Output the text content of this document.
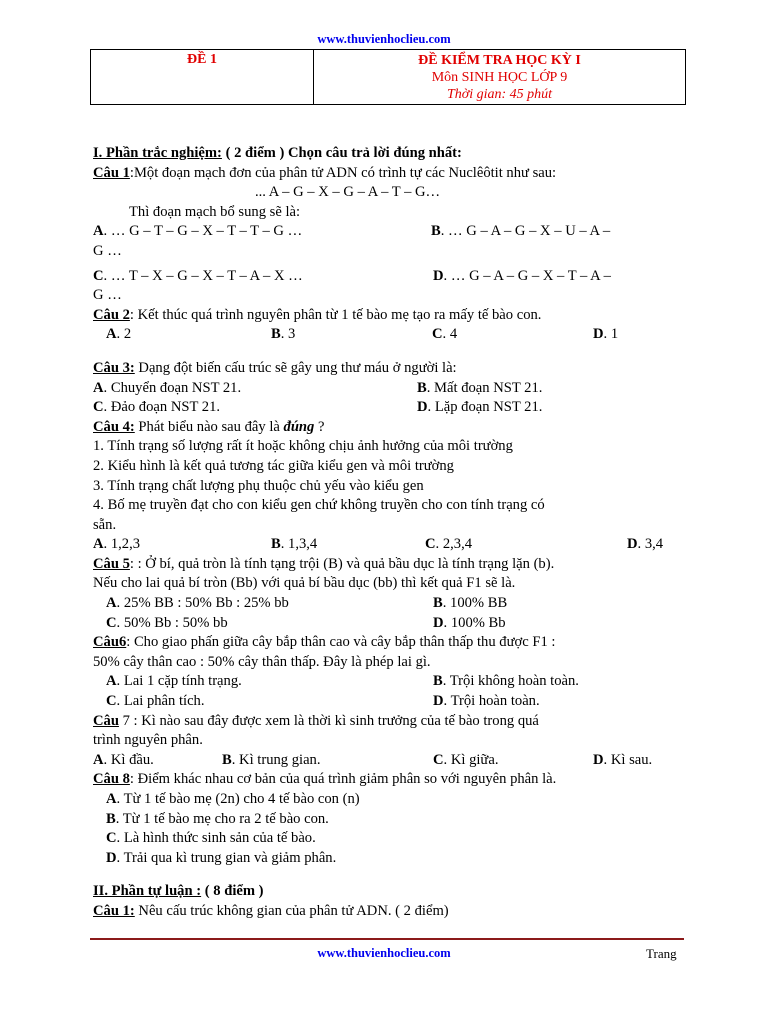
www.thuvienhoclieu.com
ĐỀ 1	ĐỀ KIỂM TRA HỌC KỲ I
Môn SINH HỌC LỚP 9
Thời gian: 45 phút
I. Phần trắc nghiệm: ( 2 điểm ) Chọn câu trả lời đúng nhất:
Câu 1:Một đoạn mạch đơn của phân tử ADN có trình tự các Nuclêôtit như sau:
... A – G – X – G – A – T – G…
Thì đoạn mạch bổ sung sẽ là:
A. … G – T – G – X – T – T – G …	B. … G – A – G – X – U – A –
G …
C. … T – X – G – X – T – A – X …	D. … G – A – G – X – T – A –
G …
Câu 2: Kết thúc quá trình nguyên phân từ 1 tế bào mẹ tạo ra mấy tế bào con.
A. 2	B. 3	C. 4	D. 1
Câu 3: Dạng đột biến cấu trúc sẽ gây ung thư máu ở người là:
A. Chuyển đoạn NST 21.	B. Mất đoạn NST 21.
C. Đảo đoạn NST 21.	D. Lặp đoạn NST 21.
Câu 4: Phát biểu nào sau đây là đúng ?
1. Tính trạng số lượng rất ít hoặc không chịu ảnh hưởng của môi trường
2. Kiểu hình là kết quả tương tác giữa kiểu gen và môi trường
3. Tính trạng chất lượng phụ thuộc chủ yếu vào kiểu gen
4. Bố mẹ truyền đạt cho con kiểu gen chứ không truyền cho con tính trạng có
sẵn.
A. 1,2,3	B. 1,3,4	C. 2,3,4	D. 3,4
Câu 5: : Ở bí, quả tròn là tính tạng trội (B) và quả bầu dục là tính trạng lặn (b).
Nếu cho lai quả bí tròn (Bb) với quả bí bầu dục (bb) thì kết quả F1 sẽ là.
A. 25% BB : 50% Bb : 25% bb	B. 100% BB
C. 50% Bb : 50% bb	D. 100% Bb
Câu6: Cho giao phấn giữa cây bắp thân cao và cây bắp thân thấp thu được F1 :
50% cây thân cao : 50% cây thân thấp. Đây là phép lai gì.
A. Lai 1 cặp tính trạng.	B. Trội không hoàn toàn.
C. Lai phân tích.	D. Trội hoàn toàn.
Câu 7 : Kì nào sau đây được xem là thời kì sinh trưởng của tế bào trong quá
trình nguyên phân.
A. Kì đầu.	B. Kì trung gian.	C. Kì giữa.	D. Kì sau.
Câu 8: Điểm khác nhau cơ bản của quá trình giảm phân so với nguyên phân là.
A. Từ 1 tế bào mẹ (2n) cho 4 tế bào con (n)
B. Từ 1 tế bào mẹ cho ra 2 tế bào con.
C. Là hình thức sinh sản của tế bào.
D. Trải qua kì trung gian và giảm phân.
II. Phần tự luận : ( 8 điểm )
Câu 1: Nêu cấu trúc không gian của phân tử ADN. ( 2 điểm)
www.thuvienhoclieu.com	Trang
